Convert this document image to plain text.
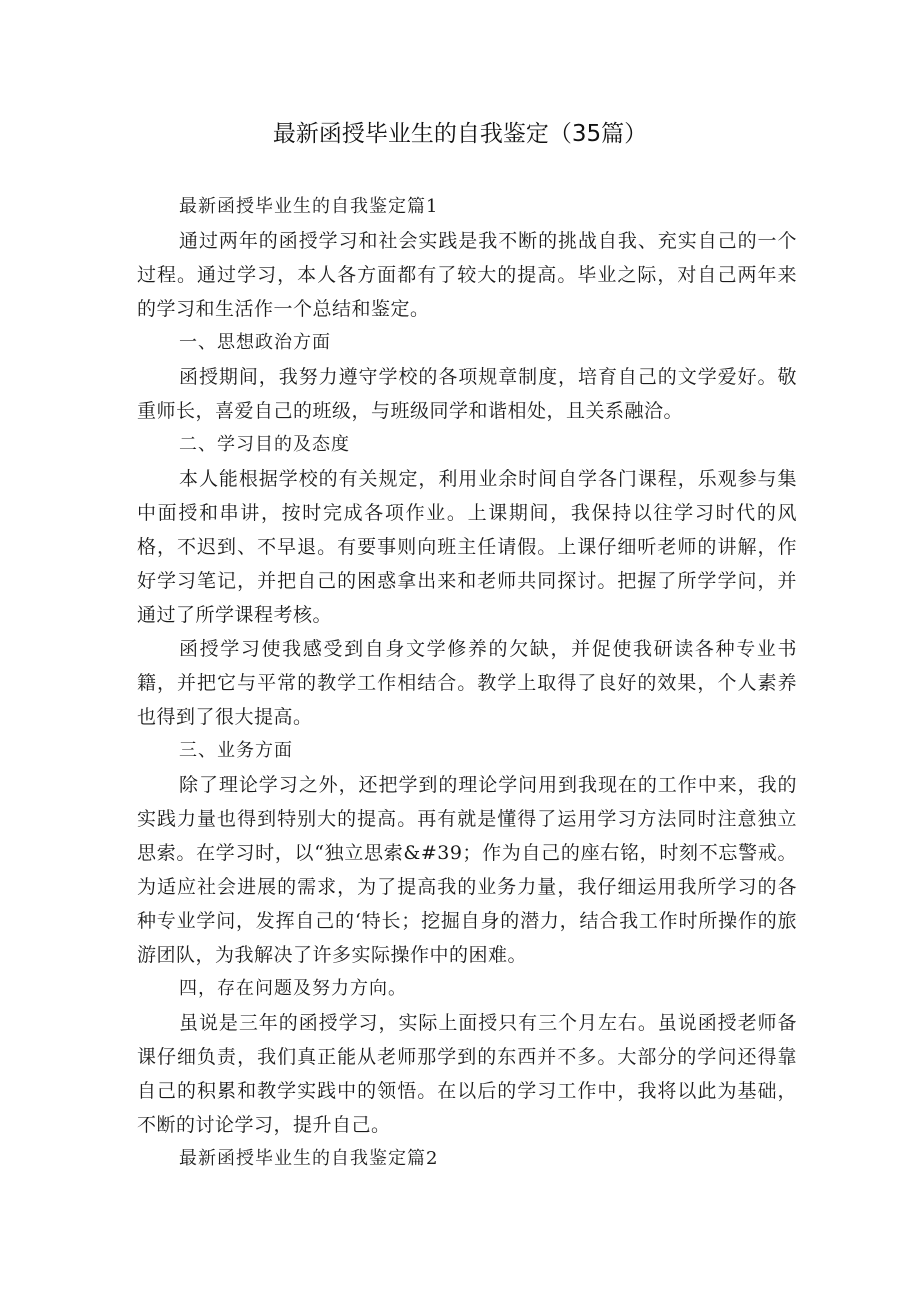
最新函授毕业生的自我鉴定（35篇）

最新函授毕业生的自我鉴定篇1

通过两年的函授学习和社会实践是我不断的挑战自我、充实自己的一个过程。通过学习，本人各方面都有了较大的提高。毕业之际，对自己两年来的学习和生活作一个总结和鉴定。

一、思想政治方面

函授期间，我努力遵守学校的各项规章制度，培育自己的文学爱好。敬重师长，喜爱自己的班级，与班级同学和谐相处，且关系融洽。

二、学习目的及态度

本人能根据学校的有关规定，利用业余时间自学各门课程，乐观参与集中面授和串讲，按时完成各项作业。上课期间，我保持以往学习时代的风格，不迟到、不早退。有要事则向班主任请假。上课仔细听老师的讲解，作好学习笔记，并把自己的困惑拿出来和老师共同探讨。把握了所学学问，并通过了所学课程考核。

函授学习使我感受到自身文学修养的欠缺，并促使我研读各种专业书籍，并把它与平常的教学工作相结合。教学上取得了良好的效果，个人素养也得到了很大提高。

三、业务方面

除了理论学习之外，还把学到的理论学问用到我现在的工作中来，我的实践力量也得到特别大的提高。再有就是懂得了运用学习方法同时注意独立思索。在学习时，以“独立思索&#39；作为自己的座右铭，时刻不忘警戒。为适应社会进展的需求，为了提高我的业务力量，我仔细运用我所学习的各种专业学问，发挥自己的‘特长；挖掘自身的潜力，结合我工作时所操作的旅游团队，为我解决了许多实际操作中的困难。

四，存在问题及努力方向。

虽说是三年的函授学习，实际上面授只有三个月左右。虽说函授老师备课仔细负责，我们真正能从老师那学到的东西并不多。大部分的学问还得靠自己的积累和教学实践中的领悟。在以后的学习工作中，我将以此为基础，不断的讨论学习，提升自己。

最新函授毕业生的自我鉴定篇2
